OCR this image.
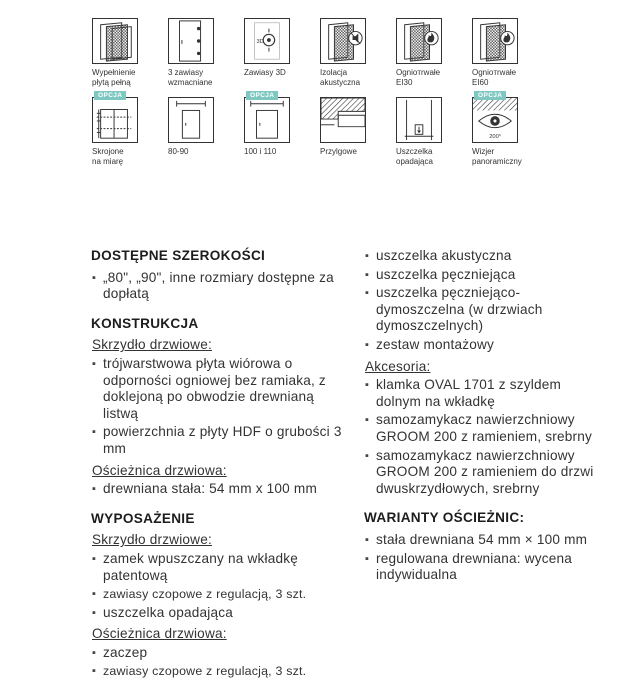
Wypełnienie
płytą pełną
3 zawiasy
wzmacniane
3D
Zawiasy 3D	Izolacja
akustyczna
Ognioтrwałe
EI30
Ognioтrwałe
EI60
OPCJA
Skrojone
na miarę
80-90
OPCJA
100 i 110	Przylgowe	Uszczelka
opadająca
OPCJA
200°
Wizjer
panoramiczny
DOSTĘPNE SZEROKOŚCI
▪ „80", „90", inne rozmiary dostępne za dopłatą
KONSTRUKCJA
Skrzydło drzwiowe:
▪ trójwarstwowa płyta wiórowa o odporności ogniowej bez ramiaka, z doklejoną po obwodzie drewnianą listwą
▪ powierzchnia z płyty HDF o grubości 3 mm
Ościeżnica drzwiowa:
▪ drewniana stała: 54 mm x 100 mm
WYPOSAŻENIE
Skrzydło drzwiowe:
▪ zamek wpuszczany na wkładkę patentową
▪ zawiasy czopowe z regulacją, 3 szt.
▪ uszczelka opadająca
Ościeżnica drzwiowa:
▪ zaczep
▪ zawiasy czopowe z regulacją, 3 szt.
▪ uszczelka akustyczna
▪ uszczelka pęczniejąca
▪ uszczelka pęczniejąco-dymoszczelna (w drzwiach dymoszczelnych)
▪ zestaw montażowy
Akcesoria:
▪ klamka OVAL 1701 z szyldem dolnym na wkładkę
▪ samozamykacz nawierzchniowy GROOM 200 z ramieniem, srebrny
▪ samozamykacz nawierzchniowy GROOM 200 z ramieniem do drzwi dwuskrzydłowych, srebrny
WARIANTY OŚCIEŻNIC:
▪ stała drewniana 54 mm × 100 mm
▪ regulowana drewniana: wycena indywidualna
